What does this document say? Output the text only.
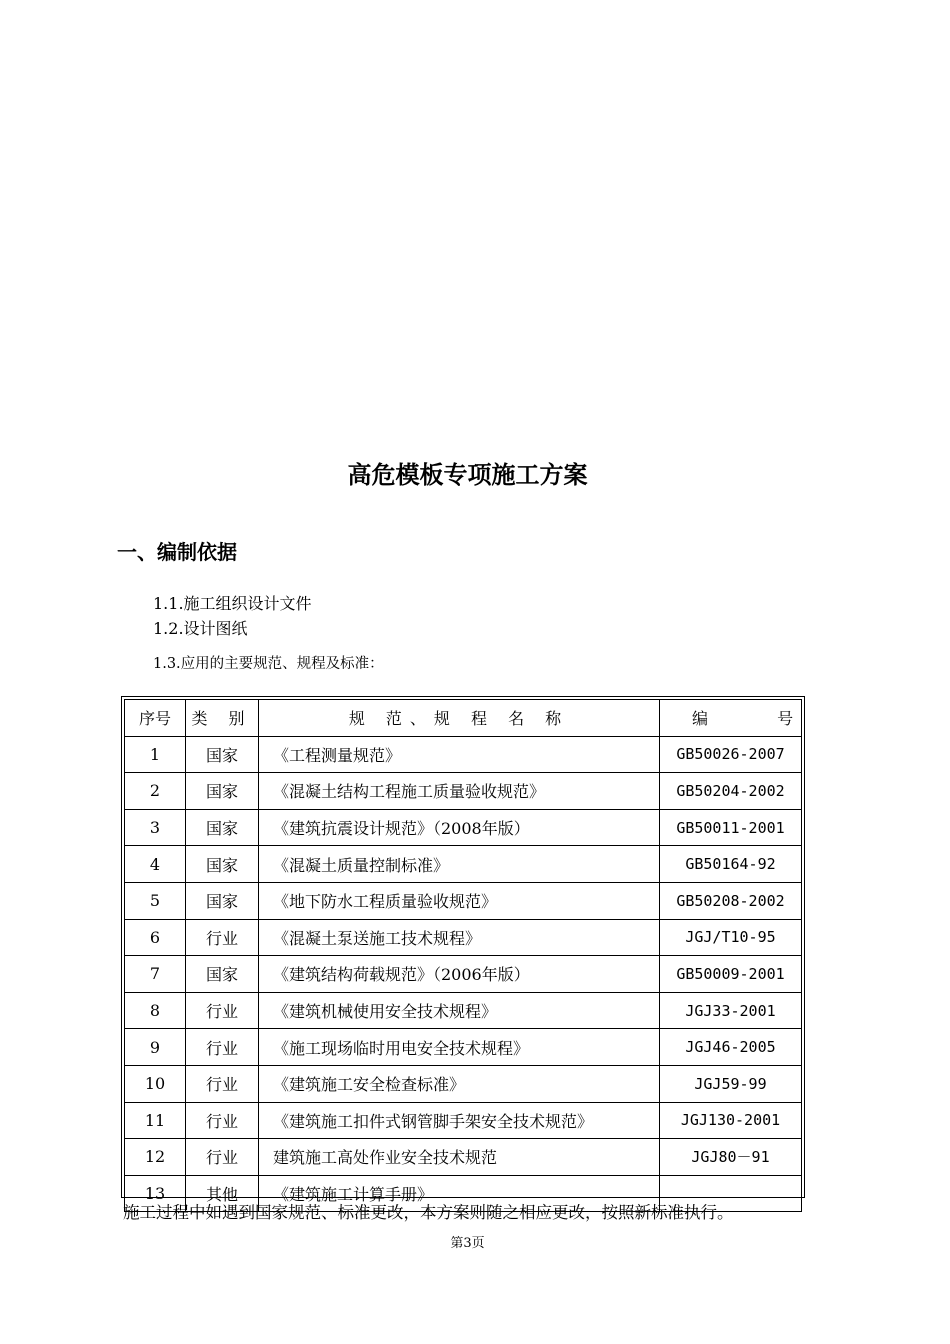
高危模板专项施工方案
一、编制依据
1.1.施工组织设计文件
1.2.设计图纸
1.3.应用的主要规范、规程及标准：
序号	类 别	规 范、规 程 名 称	编 号
1	国家	《工程测量规范》	GB50026-2007
2	国家	《混凝土结构工程施工质量验收规范》	GB50204-2002
3	国家	《建筑抗震设计规范》（2008年版）	GB50011-2001
4	国家	《混凝土质量控制标准》	GB50164-92
5	国家	《地下防水工程质量验收规范》	GB50208-2002
6	行业	《混凝土泵送施工技术规程》	JGJ/T10-95
7	国家	《建筑结构荷载规范》（2006年版）	GB50009-2001
8	行业	《建筑机械使用安全技术规程》	JGJ33-2001
9	行业	《施工现场临时用电安全技术规程》	JGJ46-2005
10	行业	《建筑施工安全检查标准》	JGJ59-99
11	行业	《建筑施工扣件式钢管脚手架安全技术规范》	JGJ130-2001
12	行业	建筑施工高处作业安全技术规范	JGJ80－91
13	其他	《建筑施工计算手册》	
施工过程中如遇到国家规范、标准更改，本方案则随之相应更改，按照新标准执行。
第3页
